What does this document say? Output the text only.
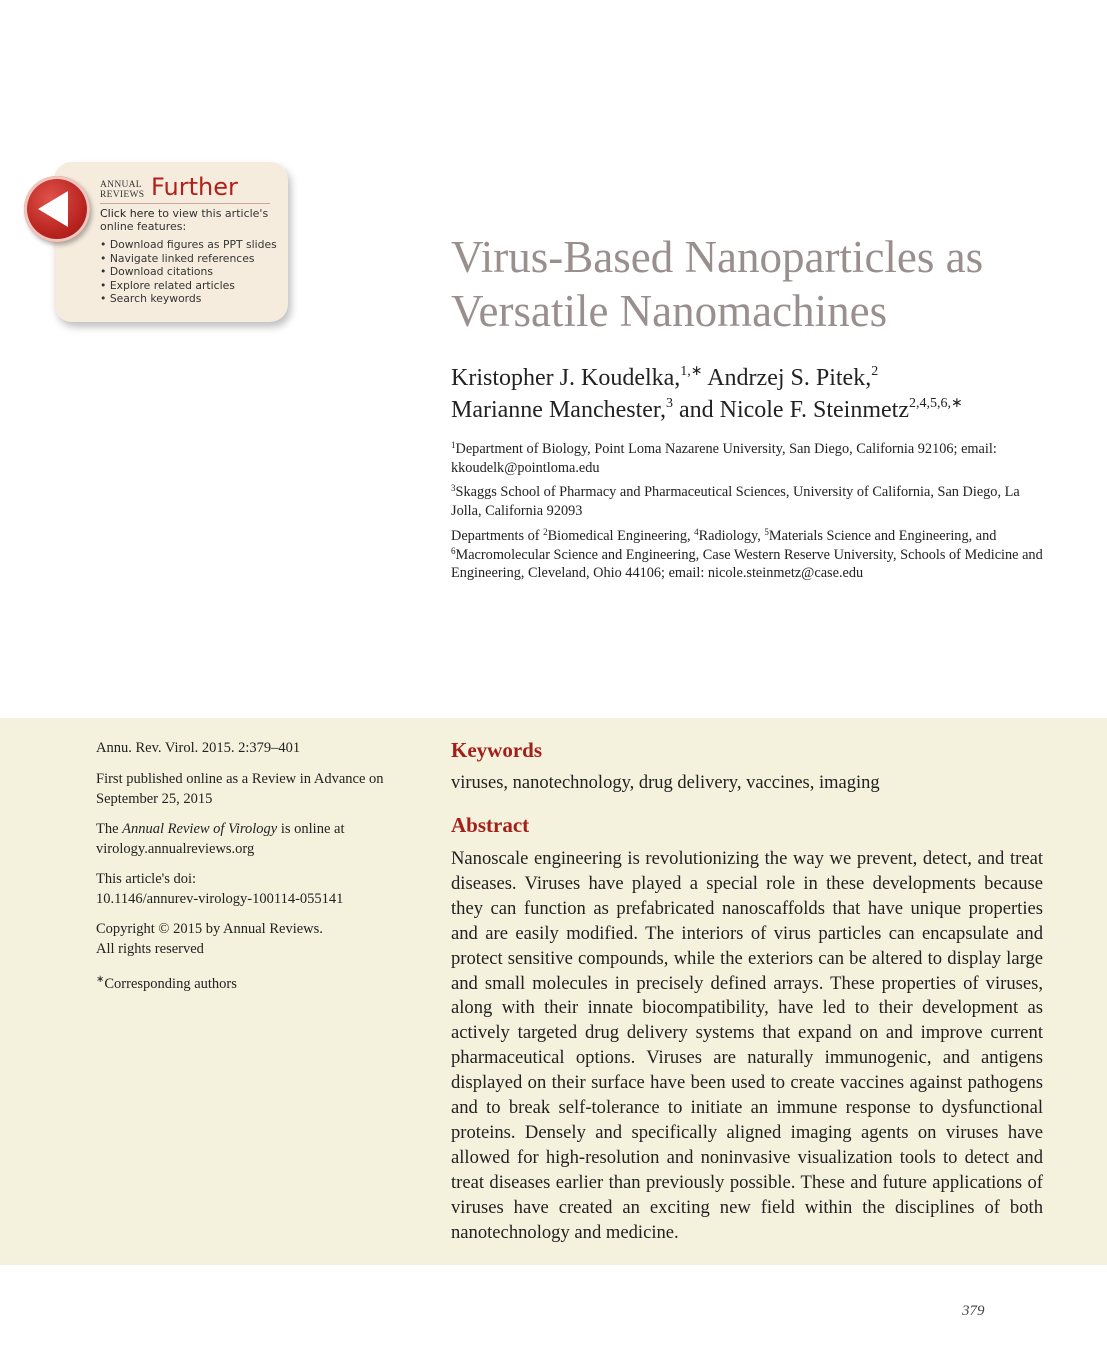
ANNUAL
REVIEWS Further
Click here to view this article's online features:
• Download figures as PPT slides
• Navigate linked references
• Download citations
• Explore related articles
• Search keywords
Virus-Based Nanoparticles as
Versatile Nanomachines
Kristopher J. Koudelka,$^{1,∗}$ Andrzej S. Pitek,$^2$
Marianne Manchester,$^3$ and Nicole F. Steinmetz$^{2,4,5,6,∗}$
$^1$Department of Biology, Point Loma Nazarene University, San Diego, California 92106; email: kkoudelk@pointloma.edu
$^3$Skaggs School of Pharmacy and Pharmaceutical Sciences, University of California, San Diego, La Jolla, California 92093
Departments of $^2$Biomedical Engineering, $^4$Radiology, $^5$Materials Science and Engineering, and $^6$Macromolecular Science and Engineering, Case Western Reserve University, Schools of Medicine and Engineering, Cleveland, Ohio 44106; email: nicole.steinmetz@case.edu
Annu. Rev. Virol. 2015. 2:379–401
First published online as a Review in Advance on September 25, 2015
The Annual Review of Virology is online at
virology.annualreviews.org
This article's doi:
10.1146/annurev-virology-100114-055141
Copyright © 2015 by Annual Reviews.
All rights reserved
∗Corresponding authors
Keywords
viruses, nanotechnology, drug delivery, vaccines, imaging
Abstract

Nanoscale engineering is revolutionizing the way we prevent, detect, and treat diseases. Viruses have played a special role in these developments because they can function as prefabricated nanoscaffolds that have unique properties and are easily modified. The interiors of virus particles can encapsulate and protect sensitive compounds, while the exteriors can be altered to display large and small molecules in precisely defined arrays. These properties of viruses, along with their innate biocompatibility, have led to their development as actively targeted drug delivery systems that expand on and improve current pharmaceutical options. Viruses are naturally immunogenic, and antigens displayed on their surface have been used to create vaccines against pathogens and to break self-tolerance to initiate an immune response to dysfunctional proteins. Densely and specifically aligned imaging agents on viruses have allowed for high-resolution and noninvasive visualization tools to detect and treat diseases earlier than previously possible. These and future applications of viruses have created an exciting new field within the disciplines of both nanotechnology and medicine.

379
